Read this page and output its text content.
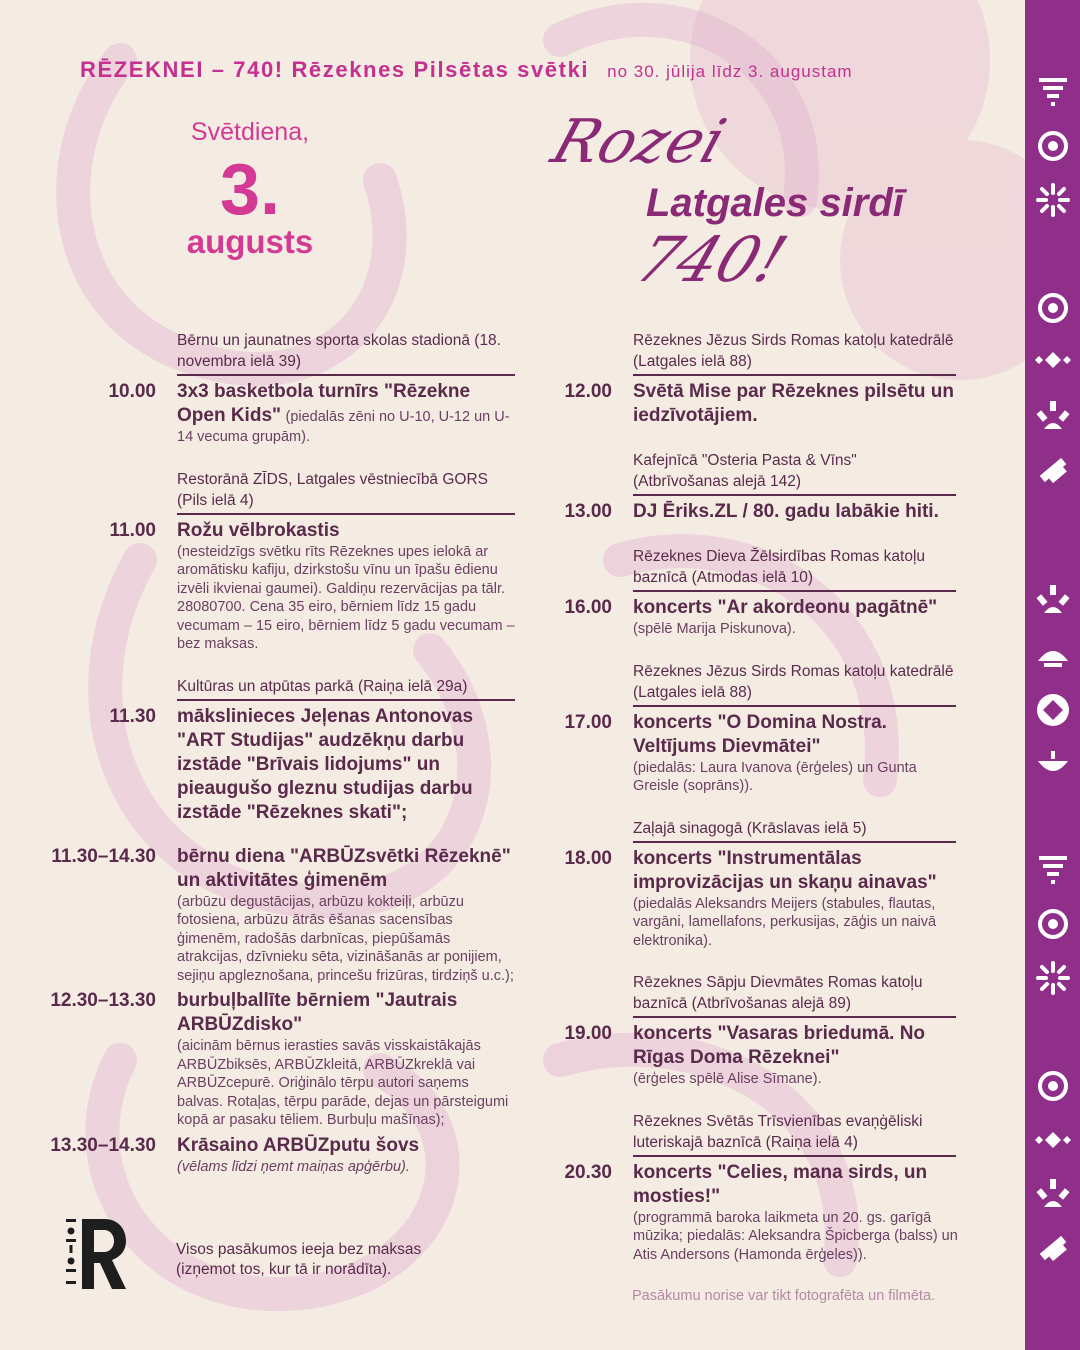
RĒZEKNEI – 740! Rēzeknes Pilsētas svētki no 30. jūlija līdz 3. augustam
Svētdiena,
3.
augusts
Rozei
Latgales sirdī
740!
Bērnu un jaunatnes sporta skolas stadionā (18. novembra ielā 39)
10.00 3x3 basketbola turnīrs "Rēzekne Open Kids" (piedalās zēni no U-10, U-12 un U-14 vecuma grupām).
Restorānā ZĪDS, Latgales vēstniecībā GORS (Pils ielā 4)
11.00 Rožu vēlbrokastis
(nesteidzīgs svētku rīts Rēzeknes upes ielokā ar aromātisku kafiju, dzirkstošu vīnu un īpašu ēdienu izvēli ikvienai gaumei). Galdiņu rezervācijas pa tālr. 28080700. Cena 35 eiro, bērniem līdz 15 gadu vecumam – 15 eiro, bērniem līdz 5 gadu vecumam – bez maksas.
Kultūras un atpūtas parkā (Raiņa ielā 29a)
11.30 mākslinieces Jeļenas Antonovas "ART Studijas" audzēkņu darbu izstāde "Brīvais lidojums" un pieaugušo gleznu studijas darbu izstāde "Rēzeknes skati";
11.30–14.30 bērnu diena "ARBŪZsvētki Rēzeknē" un aktivitātes ģimenēm
(arbūzu degustācijas, arbūzu kokteiļi, arbūzu fotosiena, arbūzu ātrās ēšanas sacensības ģimenēm, radošās darbnīcas, piepūšamās atrakcijas, dzīvnieku sēta, vizināšanās ar ponijiem, sejiņu apgleznošana, princešu frizūras, tirdziņš u.c.);
12.30–13.30 burbuļballīte bērniem "Jautrais ARBŪZdisko"
(aicinām bērnus ierasties savās visskaistākajās ARBŪZbiksēs, ARBŪZkleitā, ARBŪZkreklā vai ARBŪZcepurē. Oriģinālo tērpu autori saņems balvas. Rotaļas, tērpu parāde, dejas un pārsteigumi kopā ar pasaku tēliem. Burbuļu mašīnas);
13.30–14.30 Krāsaino ARBŪZputu šovs
(vēlams līdzi ņemt maiņas apģērbu).
Rēzeknes Jēzus Sirds Romas katoļu katedrālē (Latgales ielā 88)
12.00 Svētā Mise par Rēzeknes pilsētu un iedzīvotājiem.
Kafejnīcā "Osteria Pasta & Vīns" (Atbrīvošanas alejā 142)
13.00 DJ Ēriks.ZL / 80. gadu labākie hiti.
Rēzeknes Dieva Žēlsirdības Romas katoļu baznīcā (Atmodas ielā 10)
16.00 koncerts "Ar akordeonu pagātnē"
(spēlē Marija Piskunova).
Rēzeknes Jēzus Sirds Romas katoļu katedrālē (Latgales ielā 88)
17.00 koncerts "O Domina Nostra. Veltījums Dievmātei"
(piedalās: Laura Ivanova (ērģeles) un Gunta Greisle (soprāns)).
Zaļajā sinagogā (Krāslavas ielā 5)
18.00 koncerts "Instrumentālas improvizācijas un skaņu ainavas"
(piedalās Aleksandrs Meijers (stabules, flautas, vargāni, lamellafons, perkusijas, zāģis un naivā elektronika).
Rēzeknes Sāpju Dievmātes Romas katoļu baznīcā (Atbrīvošanas alejā 89)
19.00 koncerts "Vasaras briedumā. No Rīgas Doma Rēzeknei"
(ērģeles spēlē Alise Sīmane).
Rēzeknes Svētās Trīsvienības evaņģēliski luteriskajā baznīcā (Raiņa ielā 4)
20.30 koncerts "Celies, mana sirds, un mosties!"
(programmā baroka laikmeta un 20. gs. garīgā mūzika; piedalās: Aleksandra Špicberga (balss) un Atis Andersons (Hamonda ērģeles)).
Visos pasākumos ieeja bez maksas (izņemot tos, kur tā ir norādīta).
Pasākumu norise var tikt fotografēta un filmēta.
